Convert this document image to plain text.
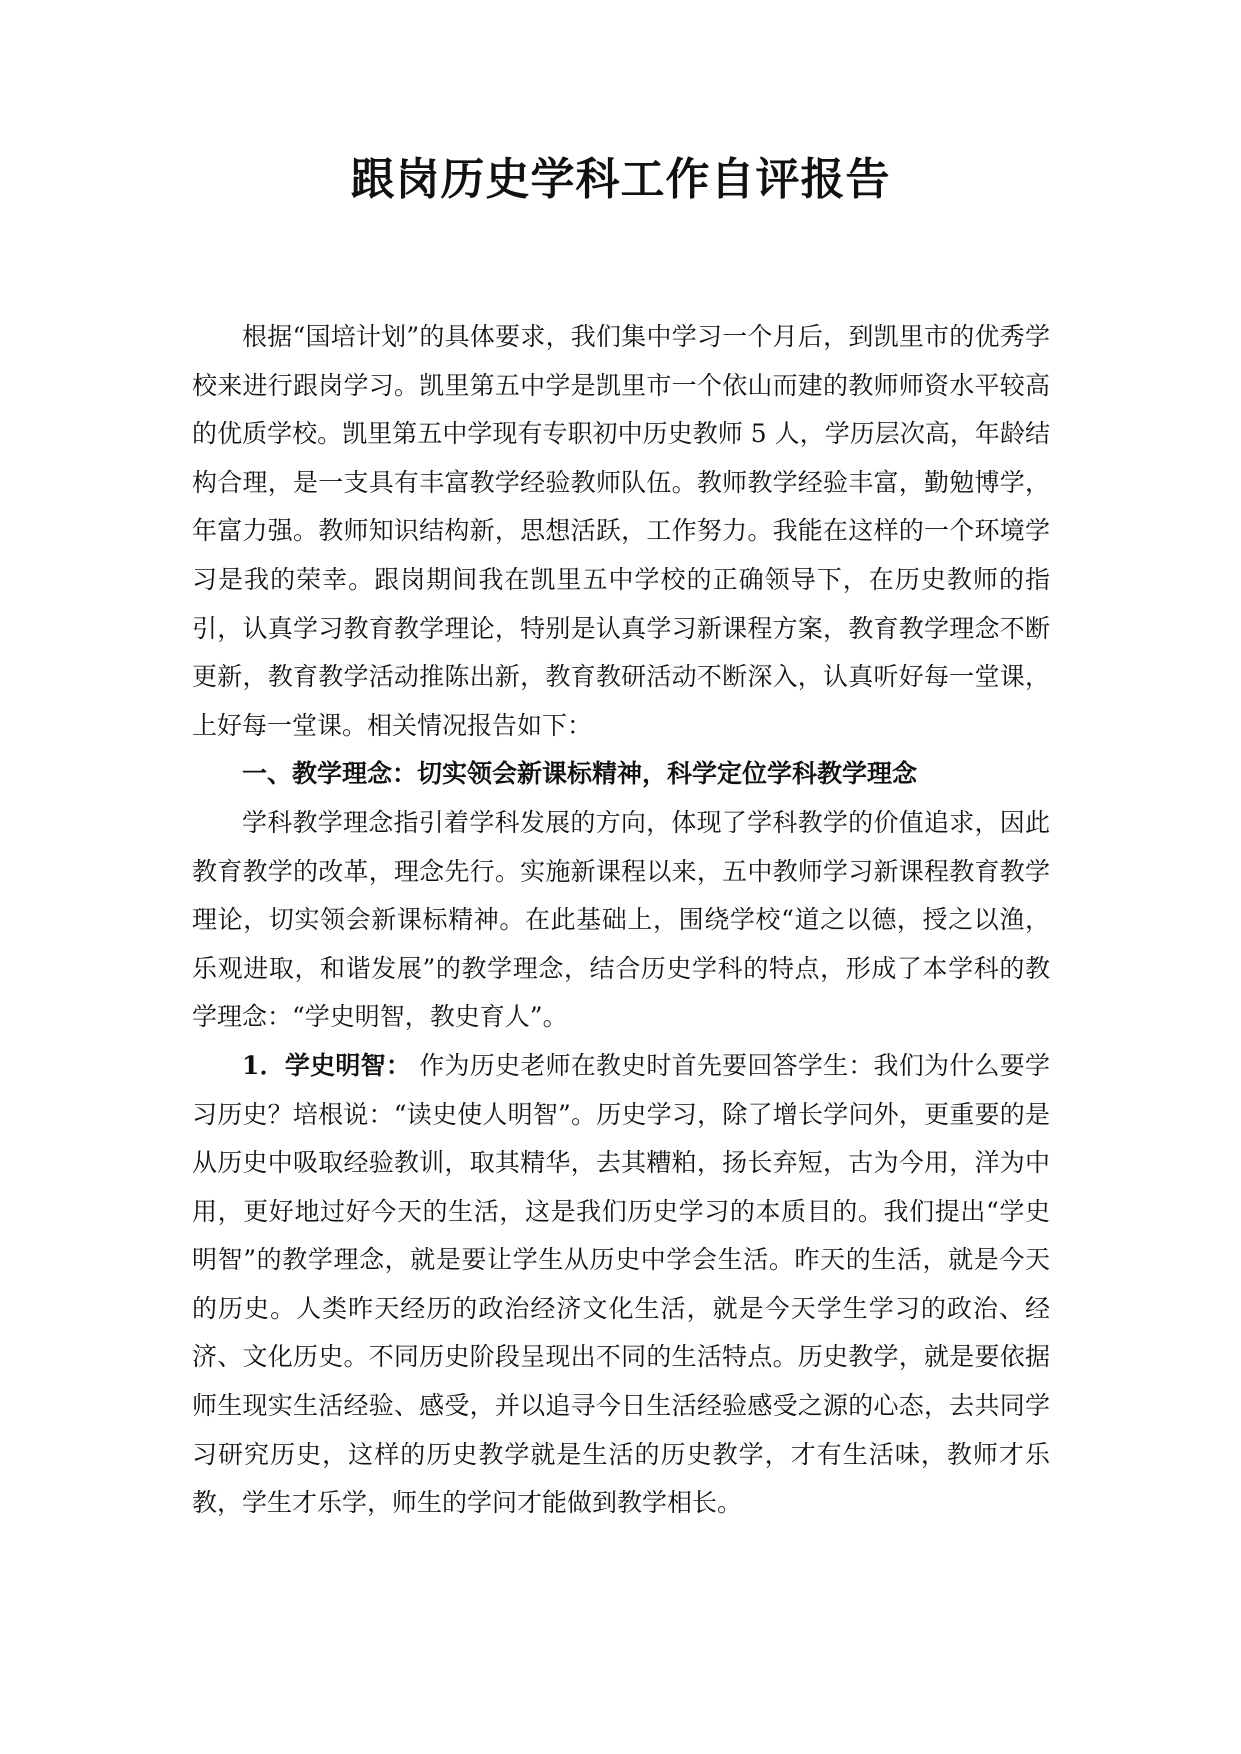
跟岗历史学科工作自评报告

根据“国培计划”的具体要求，我们集中学习一个月后，到凯里市的优秀学校来进行跟岗学习。凯里第五中学是凯里市一个依山而建的教师师资水平较高的优质学校。凯里第五中学现有专职初中历史教师 5 人，学历层次高，年龄结构合理，是一支具有丰富教学经验教师队伍。教师教学经验丰富，勤勉博学，年富力强。教师知识结构新，思想活跃，工作努力。我能在这样的一个环境学习是我的荣幸。跟岗期间我在凯里五中学校的正确领导下，在历史教师的指引，认真学习教育教学理论，特别是认真学习新课程方案，教育教学理念不断更新，教育教学活动推陈出新，教育教研活动不断深入，认真听好每一堂课，上好每一堂课。相关情况报告如下：

一、教学理念：切实领会新课标精神，科学定位学科教学理念

学科教学理念指引着学科发展的方向，体现了学科教学的价值追求，因此教育教学的改革，理念先行。实施新课程以来，五中教师学习新课程教育教学理论，切实领会新课标精神。在此基础上，围绕学校“道之以德，授之以渔，乐观进取，和谐发展”的教学理念，结合历史学科的特点，形成了本学科的教学理念：“学史明智，教史育人”。

1．学史明智： 作为历史老师在教史时首先要回答学生：我们为什么要学习历史？培根说：“读史使人明智”。历史学习，除了增长学问外，更重要的是从历史中吸取经验教训，取其精华，去其糟粕，扬长弃短，古为今用，洋为中用，更好地过好今天的生活，这是我们历史学习的本质目的。我们提出“学史明智”的教学理念，就是要让学生从历史中学会生活。昨天的生活，就是今天的历史。人类昨天经历的政治经济文化生活，就是今天学生学习的政治、经济、文化历史。不同历史阶段呈现出不同的生活特点。历史教学，就是要依据师生现实生活经验、感受，并以追寻今日生活经验感受之源的心态，去共同学习研究历史，这样的历史教学就是生活的历史教学，才有生活味，教师才乐教，学生才乐学，师生的学问才能做到教学相长。
